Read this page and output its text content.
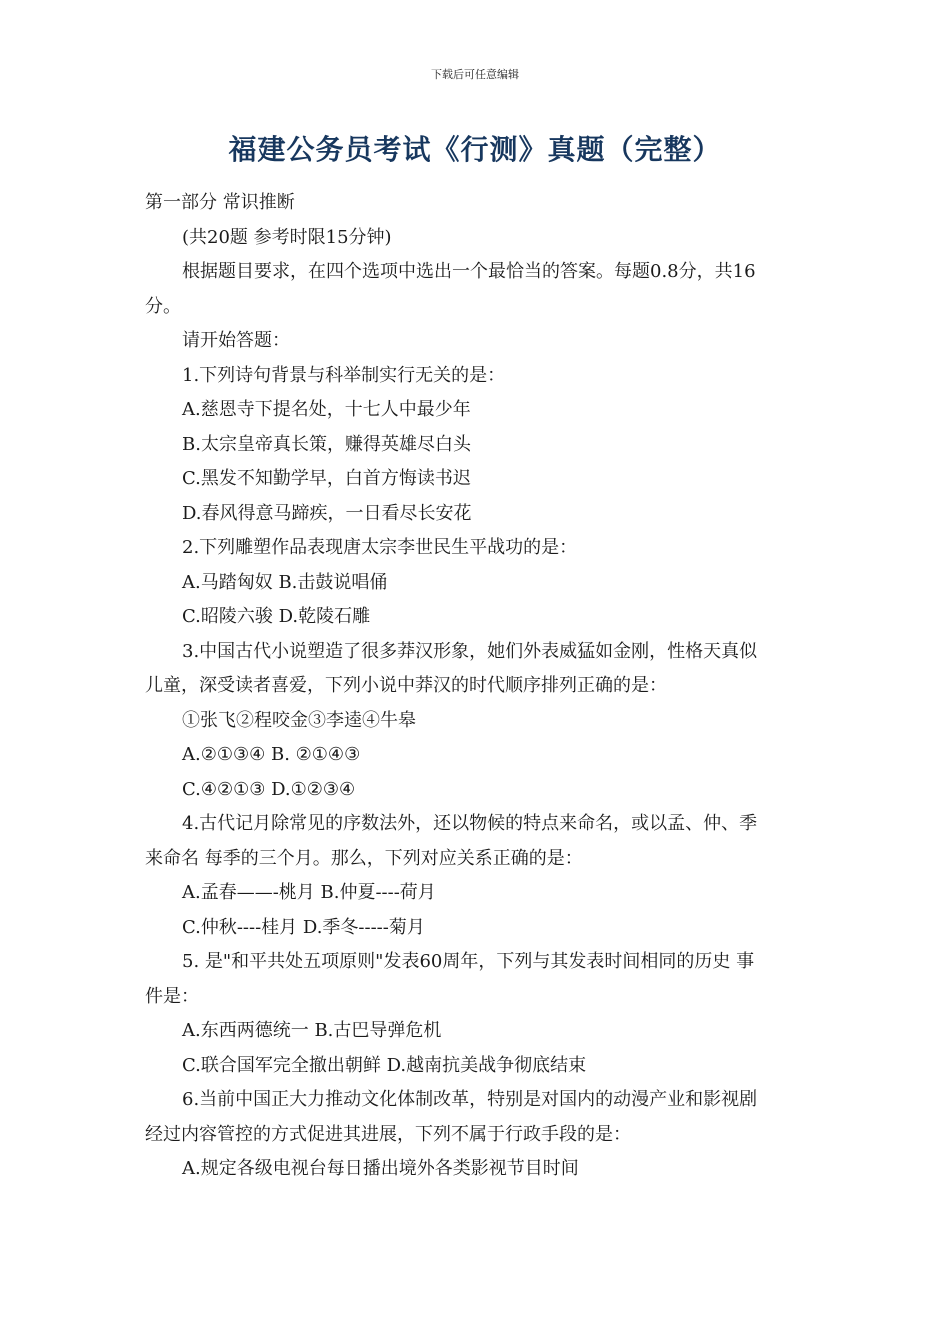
下载后可任意编辑
福建公务员考试《行测》真题（完整）
第一部分 常识推断
(共20题 参考时限15分钟)
根据题目要求，在四个选项中选出一个最恰当的答案。每题0.8分，共16
分。
请开始答题：
1.下列诗句背景与科举制实行无关的是：
A.慈恩寺下提名处，十七人中最少年
B.太宗皇帝真长策，赚得英雄尽白头
C.黑发不知勤学早，白首方悔读书迟
D.春风得意马蹄疾，一日看尽长安花
2.下列雕塑作品表现唐太宗李世民生平战功的是：
A.马踏匈奴 B.击鼓说唱俑
C.昭陵六骏 D.乾陵石雕
3.中国古代小说塑造了很多莽汉形象，她们外表威猛如金刚，性格天真似
儿童，深受读者喜爱，下列小说中莽汉的时代顺序排列正确的是：
①张飞②程咬金③李逵④牛皋
A.②①③④ B. ②①④③
C.④②①③ D.①②③④
4.古代记月除常见的序数法外，还以物候的特点来命名，或以孟、仲、季
来命名 每季的三个月。那么，下列对应关系正确的是：
A.孟春——-桃月 B.仲夏----荷月
C.仲秋----桂月 D.季冬-----菊月
5. 是"和平共处五项原则"发表60周年，下列与其发表时间相同的历史 事
件是：
A.东西两德统一 B.古巴导弹危机
C.联合国军完全撤出朝鲜 D.越南抗美战争彻底结束
6.当前中国正大力推动文化体制改革，特别是对国内的动漫产业和影视剧
经过内容管控的方式促进其进展，下列不属于行政手段的是：
A.规定各级电视台每日播出境外各类影视节目时间
